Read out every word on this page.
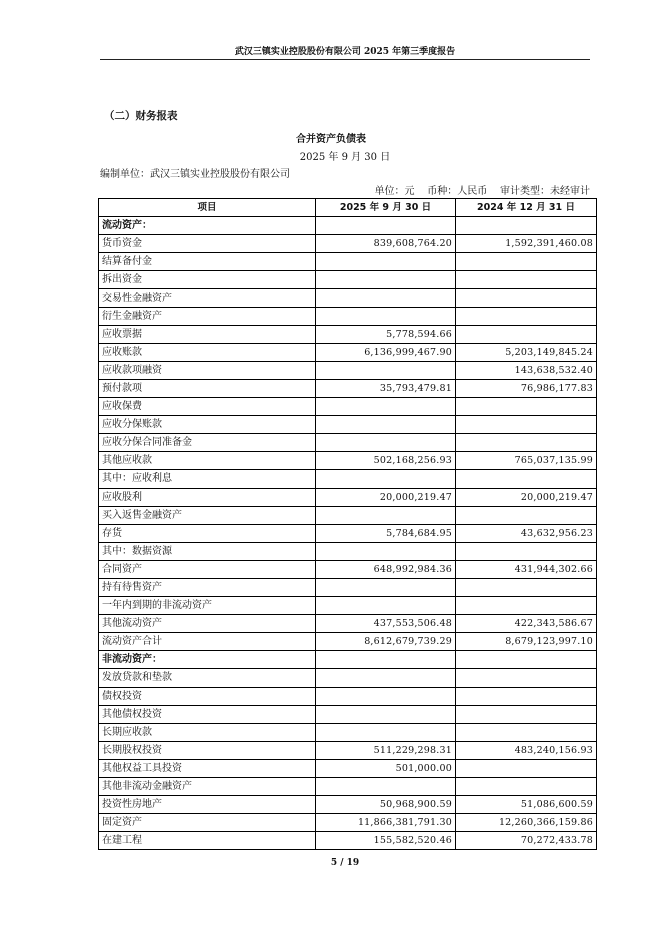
武汉三镇实业控股股份有限公司 2025 年第三季度报告
（二）财务报表
合并资产负债表
2025 年 9 月 30 日
编制单位：武汉三镇实业控股股份有限公司
单位：元    币种：人民币    审计类型：未经审计
项目	2025 年 9 月 30 日	2024 年 12 月 31 日
流动资产：		
货币资金	839,608,764.20	1,592,391,460.08
结算备付金		
拆出资金		
交易性金融资产		
衍生金融资产		
应收票据	5,778,594.66	
应收账款	6,136,999,467.90	5,203,149,845.24
应收款项融资		143,638,532.40
预付款项	35,793,479.81	76,986,177.83
应收保费		
应收分保账款		
应收分保合同准备金		
其他应收款	502,168,256.93	765,037,135.99
其中：应收利息		
应收股利	20,000,219.47	20,000,219.47
买入返售金融资产		
存货	5,784,684.95	43,632,956.23
其中：数据资源		
合同资产	648,992,984.36	431,944,302.66
持有待售资产		
一年内到期的非流动资产		
其他流动资产	437,553,506.48	422,343,586.67
流动资产合计	8,612,679,739.29	8,679,123,997.10
非流动资产：		
发放贷款和垫款		
债权投资		
其他债权投资		
长期应收款		
长期股权投资	511,229,298.31	483,240,156.93
其他权益工具投资	501,000.00	
其他非流动金融资产		
投资性房地产	50,968,900.59	51,086,600.59
固定资产	11,866,381,791.30	12,260,366,159.86
在建工程	155,582,520.46	70,272,433.78
5 / 19
